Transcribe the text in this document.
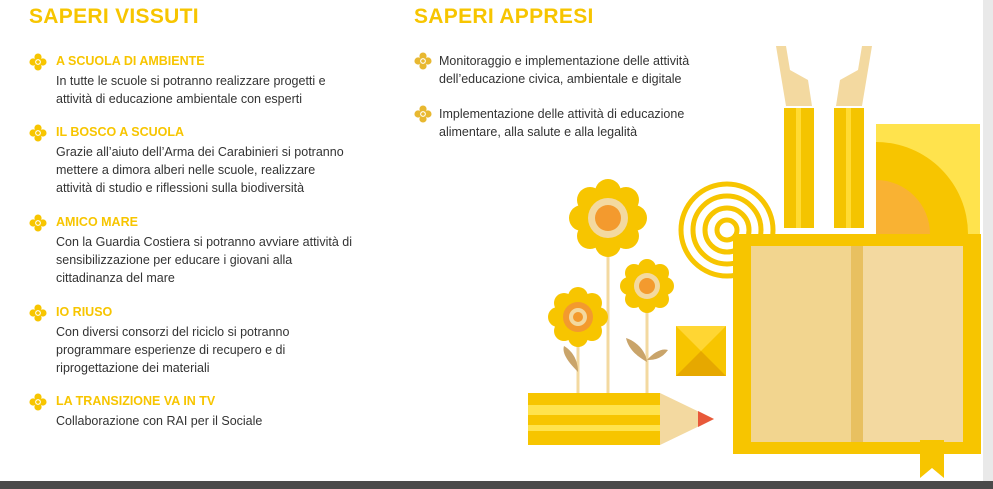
SAPERI VISSUTI	SAPERI APPRESI
A SCUOLA DI AMBIENTE
In tutte le scuole si potranno realizzare progetti e
attività di educazione ambientale con esperti
IL BOSCO A SCUOLA
Grazie all’aiuto dell’Arma dei Carabinieri si potranno
mettere a dimora alberi nelle scuole, realizzare
attività di studio e riflessioni sulla biodiversità
AMICO MARE
Con la Guardia Costiera si potranno avviare attività di
sensibilizzazione per educare i giovani alla
cittadinanza del mare
IO RIUSO
Con diversi consorzi del riciclo si potranno
programmare esperienze di recupero e di
riprogettazione dei materiali
LA TRANSIZIONE VA IN TV
Collaborazione con RAI per il Sociale
Monitoraggio e implementazione delle attività
dell’educazione civica, ambientale e digitale
Implementazione delle attività di educazione
alimentare, alla salute e alla legalità
